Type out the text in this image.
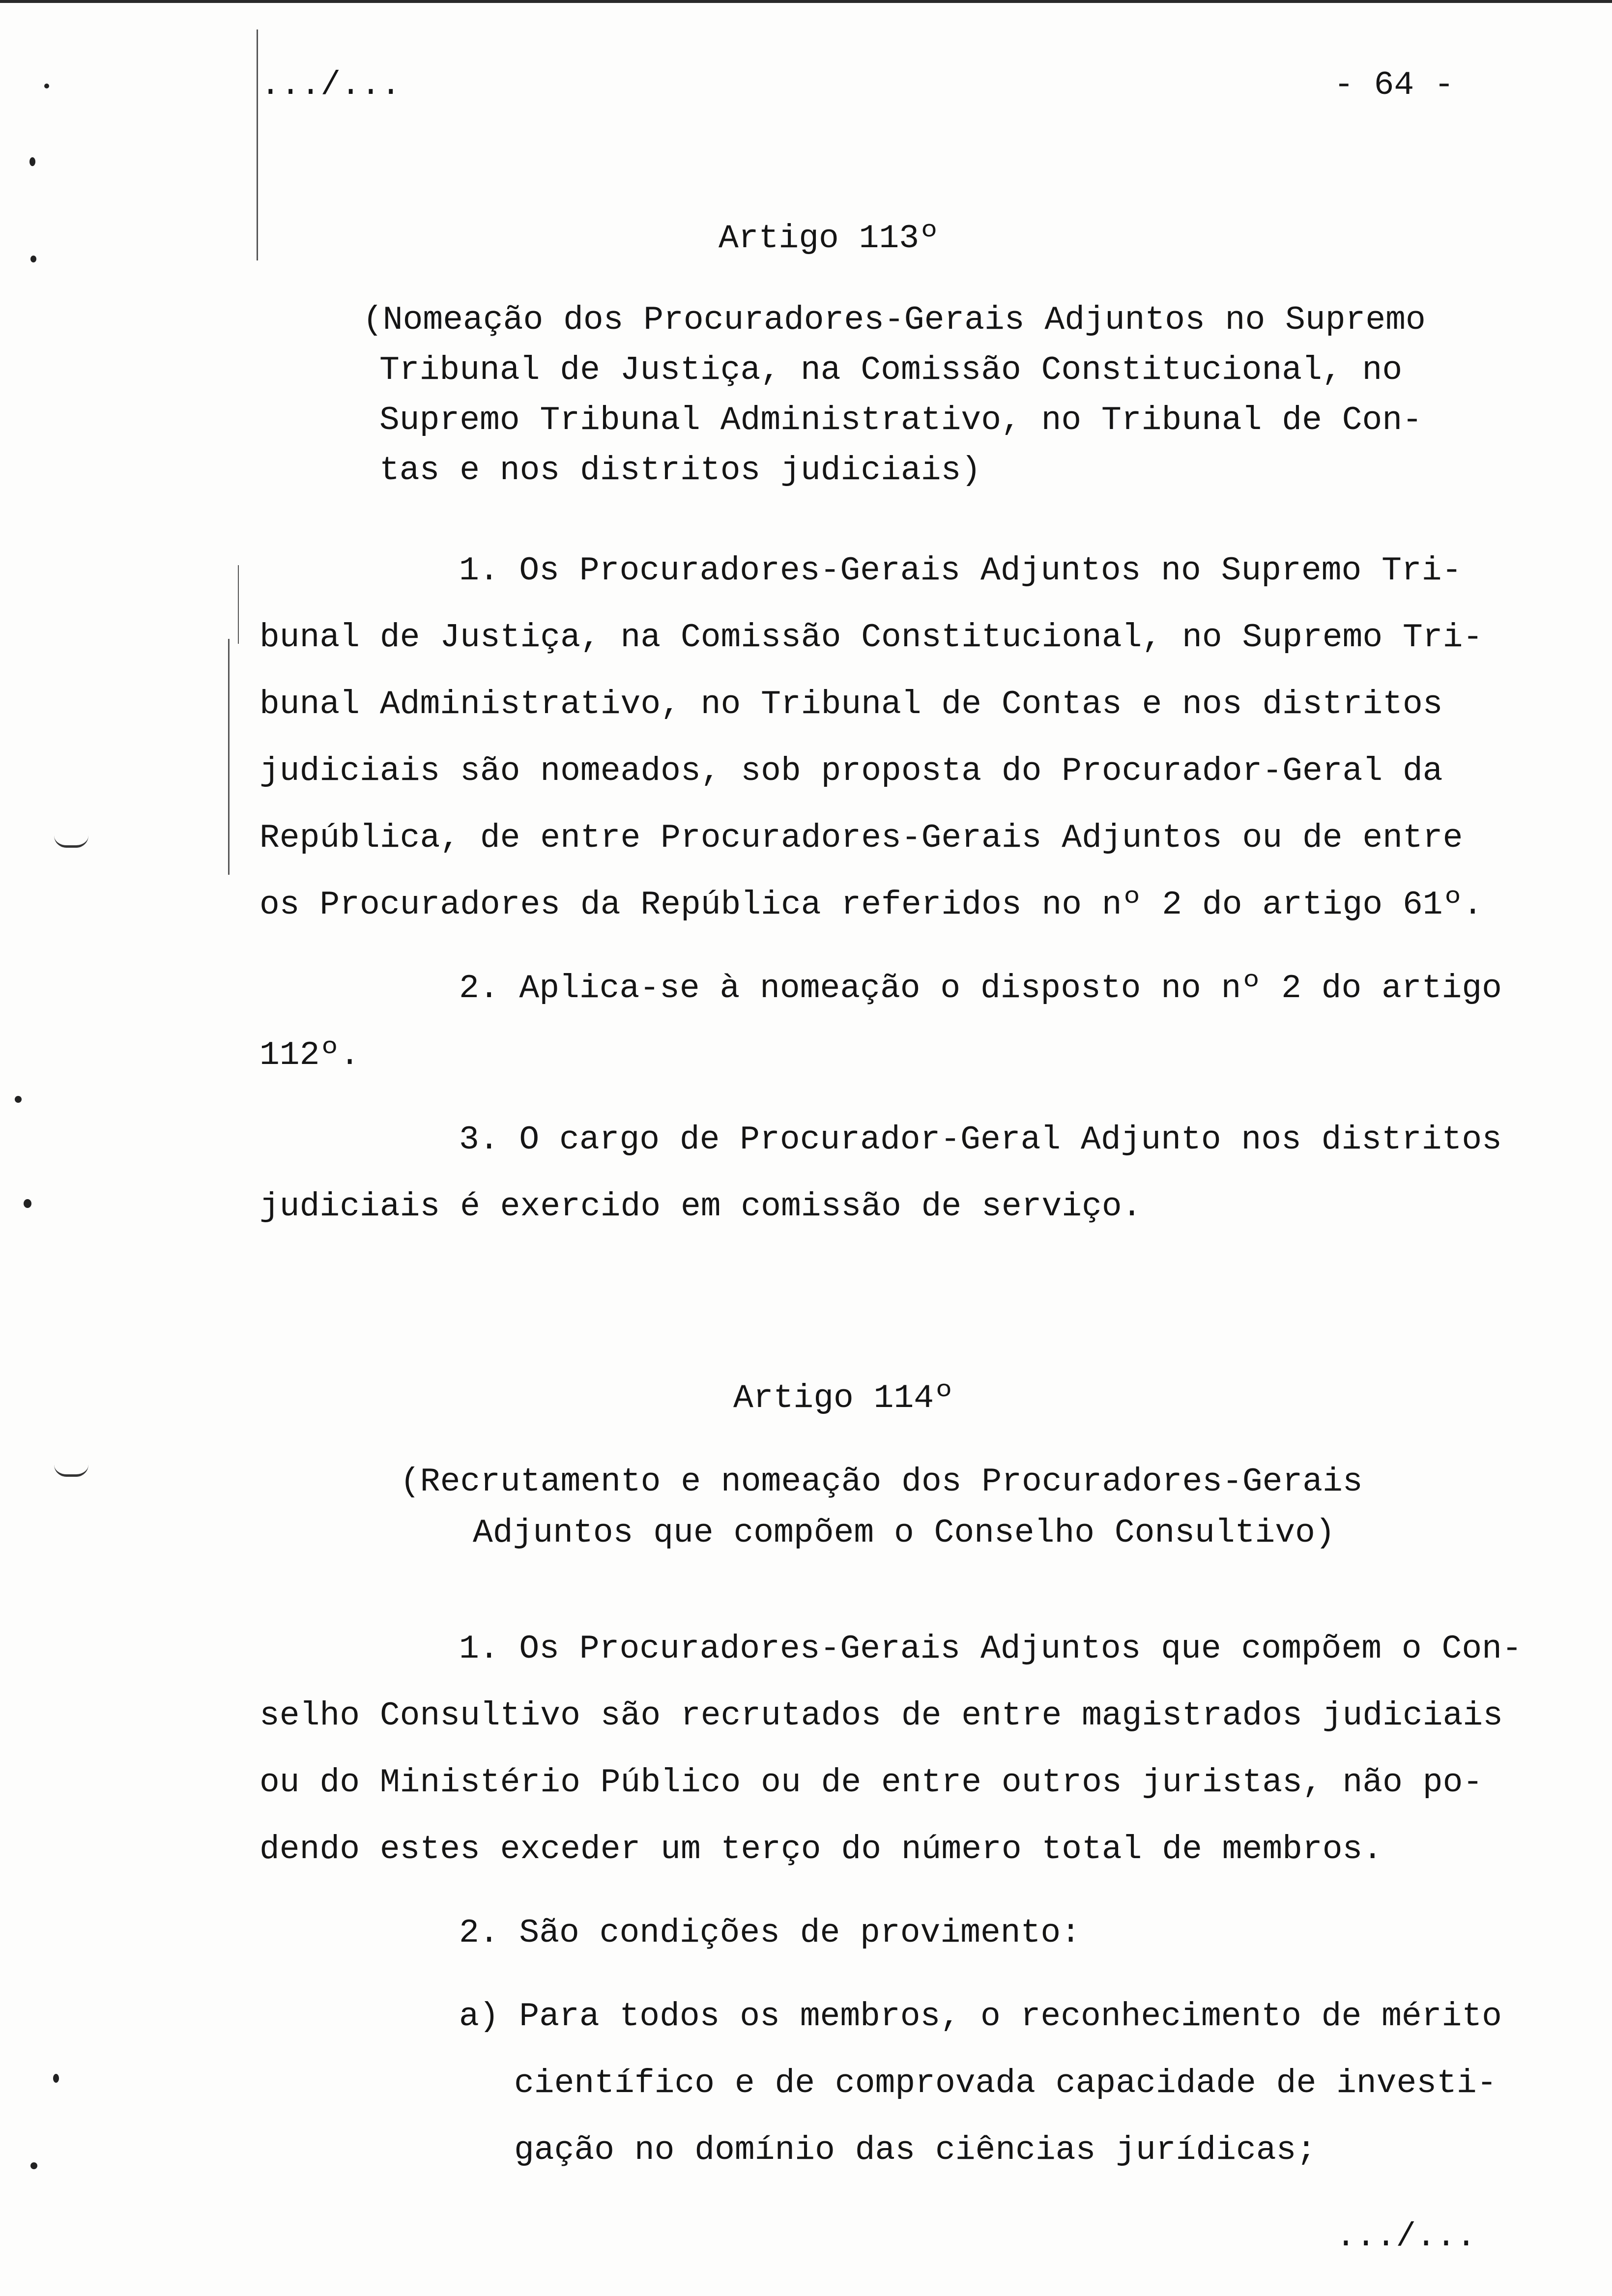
.../...	- 64 -
Artigo 113º
(Nomeação dos Procuradores-Gerais Adjuntos no Supremo
Tribunal de Justiça, na Comissão Constitucional, no
Supremo Tribunal Administrativo, no Tribunal de Con-
tas e nos distritos judiciais)
1. Os Procuradores-Gerais Adjuntos no Supremo Tri-
bunal de Justiça, na Comissão Constitucional, no Supremo Tri-
bunal Administrativo, no Tribunal de Contas e nos distritos
judiciais são nomeados, sob proposta do Procurador-Geral da
República, de entre Procuradores-Gerais Adjuntos ou de entre
os Procuradores da República referidos no nº 2 do artigo 61º.
2. Aplica-se à nomeação o disposto no nº 2 do artigo
112º.
3. O cargo de Procurador-Geral Adjunto nos distritos
judiciais é exercido em comissão de serviço.
Artigo 114º
(Recrutamento e nomeação dos Procuradores-Gerais
Adjuntos que compõem o Conselho Consultivo)
1. Os Procuradores-Gerais Adjuntos que compõem o Con-
selho Consultivo são recrutados de entre magistrados judiciais
ou do Ministério Público ou de entre outros juristas, não po-
dendo estes exceder um terço do número total de membros.
2. São condições de provimento:
a) Para todos os membros, o reconhecimento de mérito
científico e de comprovada capacidade de investi-
gação no domínio das ciências jurídicas;
.../...
